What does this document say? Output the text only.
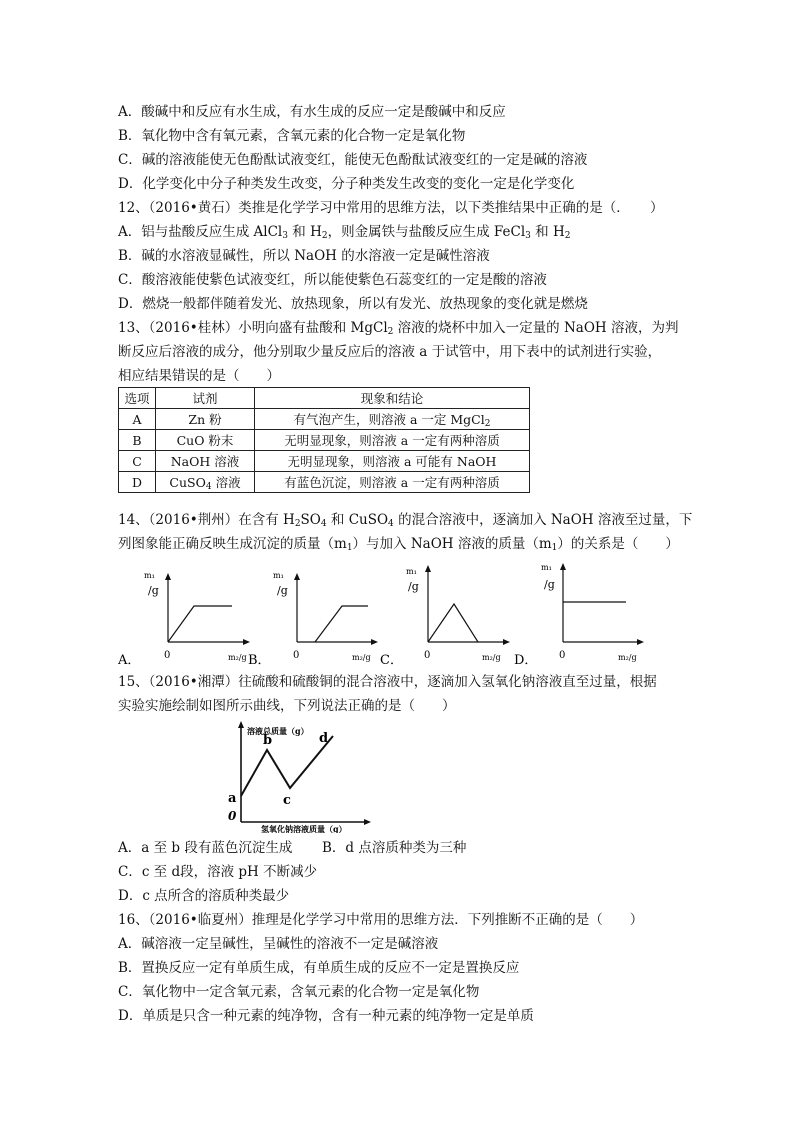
A．酸碱中和反应有水生成，有水生成的反应一定是酸碱中和反应
B．氧化物中含有氧元素，含氧元素的化合物一定是氧化物
C．碱的溶液能使无色酚酞试液变红，能使无色酚酞试液变红的一定是碱的溶液
D．化学变化中分子种类发生改变，分子种类发生改变的变化一定是化学变化
12、（2016•黄石）类推是化学学习中常用的思维方法，以下类推结果中正确的是（．　　）
A．铝与盐酸反应生成 AlCl$_3$ 和 $H_2$，则金属铁与盐酸反应生成 FeCl$_3$ 和 $H_2$
B．碱的水溶液显碱性，所以 NaOH 的水溶液一定是碱性溶液
C．酸溶液能使紫色试液变红，所以能使紫色石蕊变红的一定是酸的溶液
D．燃烧一般都伴随着发光、放热现象，所以有发光、放热现象的变化就是燃烧
13、（2016•桂林）小明向盛有盐酸和 MgCl$_2$ 溶液的烧杯中加入一定量的 NaOH 溶液，为判
断反应后溶液的成分，他分别取少量反应后的溶液 a 于试管中，用下表中的试剂进行实验，
相应结果错误的是（　　）
选项	试剂	现象和结论
A	Zn 粉	有气泡产生，则溶液 a 一定 MgCl$_2$
B	CuO 粉末	无明显现象，则溶液 a 一定有两种溶质
C	NaOH 溶液	无明显现象，则溶液 a 可能有 NaOH
D	CuSO$_4$ 溶液	有蓝色沉淀，则溶液 a 一定有两种溶质
14、（2016•荆州）在含有 $H_2SO_4$ 和 CuSO$_4$ 的混合溶液中，逐滴加入 NaOH 溶液至过量，下
列图象能正确反映生成沉淀的质量$(m_1)$与加入 NaOH 溶液的质量$(m_1)$的关系是（　　）
A．
m₁
/g
0	m₂/g B．
m₁
/g
0	m₂/g C．
m₁
/g
0	m₂/g D．
m₁
/g
0	m₂/g
15、（2016•湘潭）往硫酸和硫酸铜的混合溶液中，逐滴加入氢氧化钠溶液直至过量，根据
实验实施绘制如图所示曲线，下列说法正确的是（　　）
溶液总质量（g）
氢氧化钠溶液质量（g）
0
a
b
c
d
A．a 至 b 段有蓝色沉淀生成 B．d 点溶质种类为三种
C．c 至 d段，溶液 pH 不断减少
D．c 点所含的溶质种类最少
16、（2016•临夏州）推理是化学学习中常用的思维方法．下列推断不正确的是（　　）
A．碱溶液一定呈碱性，呈碱性的溶液不一定是碱溶液
B．置换反应一定有单质生成，有单质生成的反应不一定是置换反应
C．氧化物中一定含氧元素，含氧元素的化合物一定是氧化物
D．单质是只含一种元素的纯净物，含有一种元素的纯净物一定是单质
